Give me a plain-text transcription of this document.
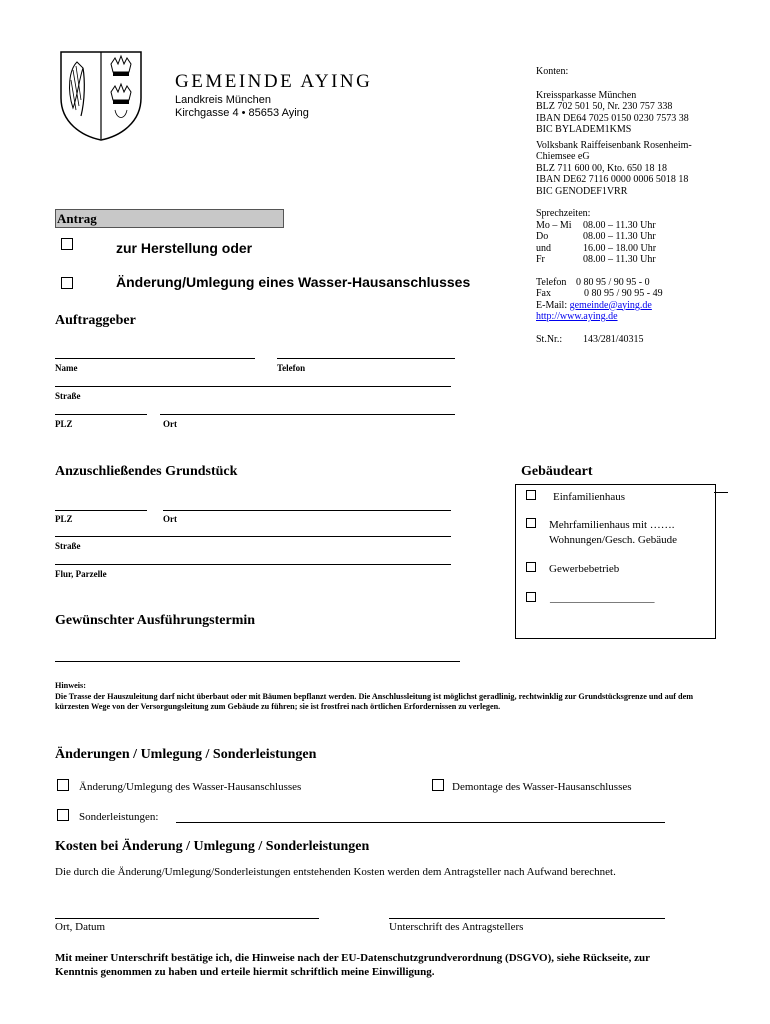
GEMEINDE AYING
Landkreis München
Kirchgasse 4 • 85653 Aying
Konten:
Kreissparkasse München
BLZ 702 501 50, Nr. 230 757 338
IBAN DE64 7025 0150 0230 7573 38
BIC BYLADEM1KMS
Volksbank Raiffeisenbank Rosenheim-
Chiemsee eG
BLZ 711 600 00, Kto. 650 18 18
IBAN DE62 7116 0000 0006 5018 18
BIC GENODEF1VRR
Sprechzeiten:
Mo – Mi 08.00 – 11.30 Uhr
Do	08.00 – 11.30 Uhr
und	16.00 – 18.00 Uhr
Fr	08.00 – 11.30 Uhr
Telefon 0 80 95 / 90 95 - 0
Fax	0 80 95 / 90 95 - 49
E-Mail: gemeinde@aying.de
http://www.aying.de
St.Nr.: 143/281/40315
Antrag
zur Herstellung oder
Änderung/Umlegung eines Wasser-Hausanschlusses
Auftraggeber
Name	Telefon
Straße
PLZ	Ort
Anzuschließendes Grundstück
PLZ	Ort
Straße
Flur, Parzelle
Gebäudeart
Einfamilienhaus
Mehrfamilienhaus mit …….
Wohnungen/Gesch. Gebäude
Gewerbebetrieb
___________________
Gewünschter Ausführungstermin
Hinweis:
Die Trasse der Hauszuleitung darf nicht überbaut oder mit Bäumen bepflanzt werden. Die Anschlussleitung ist möglichst geradlinig, rechtwinklig zur Grundstücksgrenze und auf dem kürzesten Wege von der Versorgungsleitung zum Gebäude zu führen; sie ist frostfrei nach örtlichen Erfordernissen zu verlegen.
Änderungen / Umlegung / Sonderleistungen
Änderung/Umlegung des Wasser-Hausanschlusses	Demontage des Wasser-Hausanschlusses
Sonderleistungen:
Kosten bei Änderung / Umlegung / Sonderleistungen
Die durch die Änderung/Umlegung/Sonderleistungen entstehenden Kosten werden dem Antragsteller nach Aufwand berechnet.
Ort, Datum	Unterschrift des Antragstellers
Mit meiner Unterschrift bestätige ich, die Hinweise nach der EU-Datenschutzgrundverordnung (DSGVO), siehe Rückseite, zur Kenntnis genommen zu haben und erteile hiermit schriftlich meine Einwilligung.
